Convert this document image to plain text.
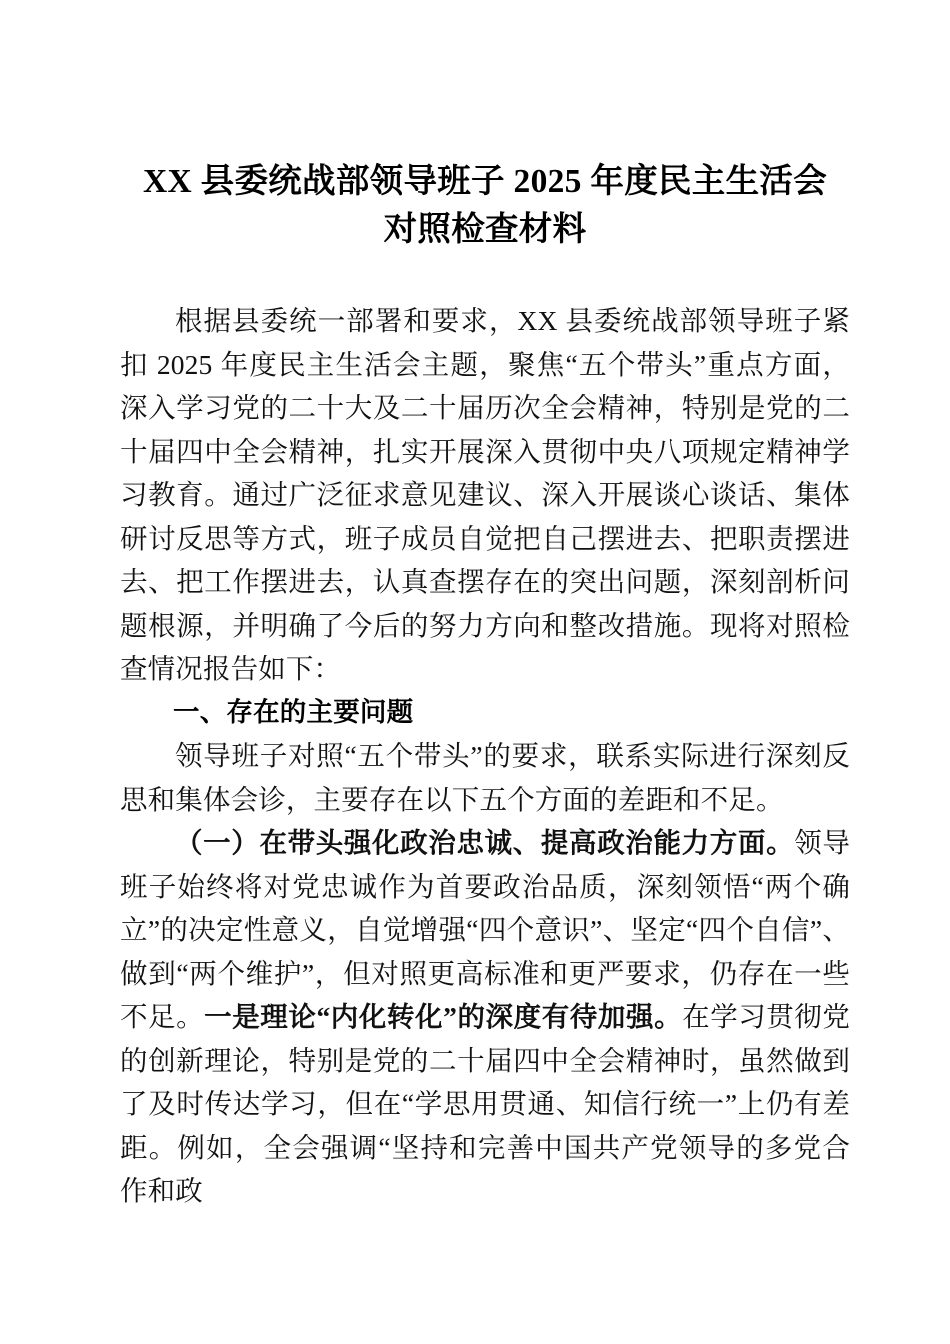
XX 县委统战部领导班子 2025 年度民主生活会
对照检查材料

根据县委统一部署和要求，XX 县委统战部领导班子紧扣 2025 年度民主生活会主题，聚焦“五个带头”重点方面，深入学习党的二十大及二十届历次全会精神，特别是党的二十届四中全会精神，扎实开展深入贯彻中央八项规定精神学习教育。通过广泛征求意见建议、深入开展谈心谈话、集体研讨反思等方式，班子成员自觉把自己摆进去、把职责摆进去、把工作摆进去，认真查摆存在的突出问题，深刻剖析问题根源，并明确了今后的努力方向和整改措施。现将对照检查情况报告如下：

一、存在的主要问题

领导班子对照“五个带头”的要求，联系实际进行深刻反思和集体会诊，主要存在以下五个方面的差距和不足。

（一）在带头强化政治忠诚、提高政治能力方面。领导班子始终将对党忠诚作为首要政治品质，深刻领悟“两个确立”的决定性意义，自觉增强“四个意识”、坚定“四个自信”、做到“两个维护”，但对照更高标准和更严要求，仍存在一些不足。一是理论“内化转化”的深度有待加强。在学习贯彻党的创新理论，特别是党的二十届四中全会精神时，虽然做到了及时传达学习，但在“学思用贯通、知信行统一”上仍有差距。例如，全会强调“坚持和完善中国共产党领导的多党合作和政
